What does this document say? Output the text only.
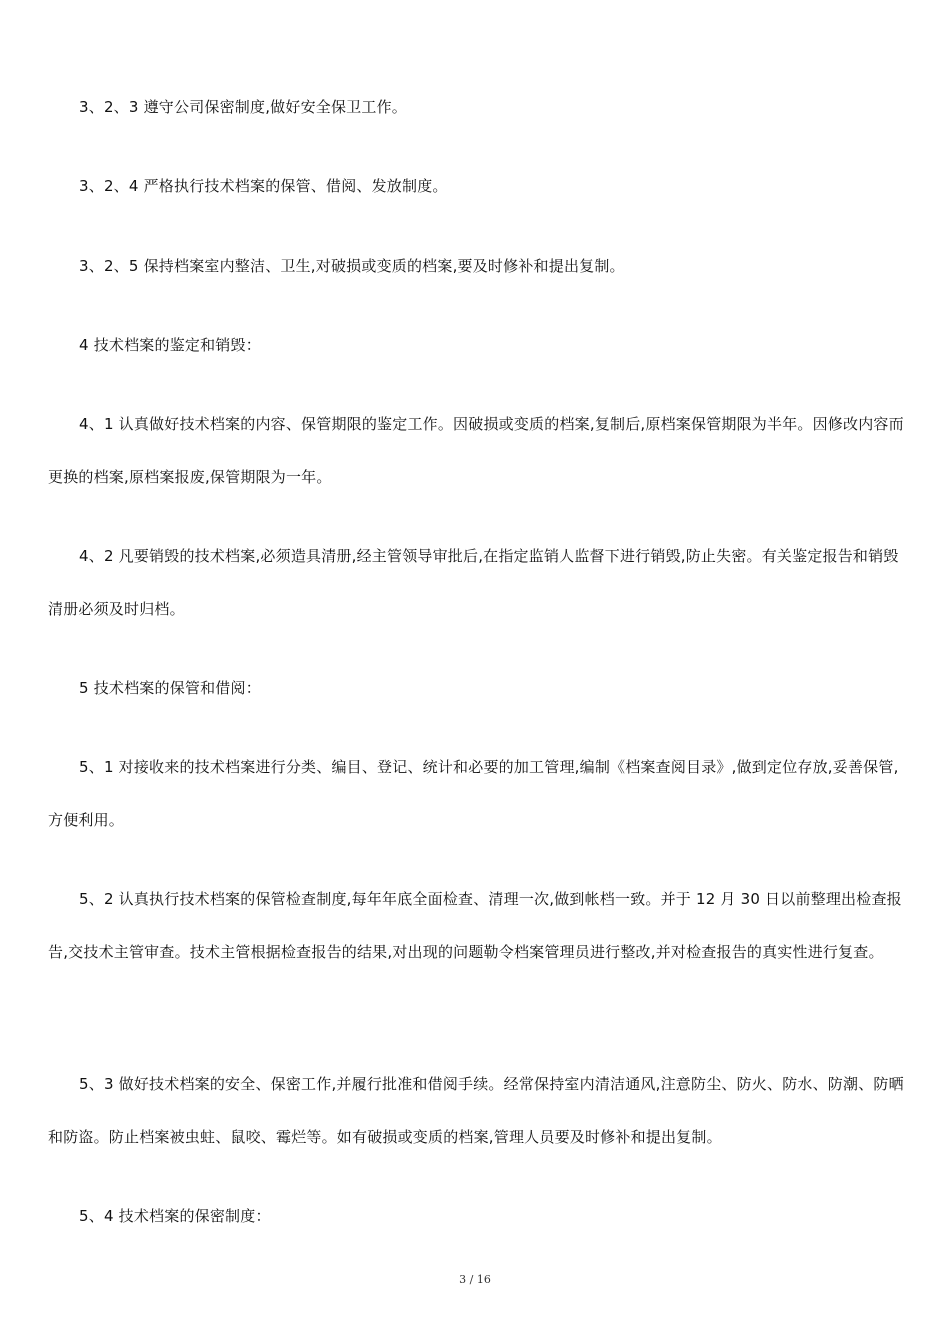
3、2、3 遵守公司保密制度,做好安全保卫工作。

3、2、4 严格执行技术档案的保管、借阅、发放制度。

3、2、5 保持档案室内整洁、卫生,对破损或变质的档案,要及时修补和提出复制。

4 技术档案的鉴定和销毁：

4、1 认真做好技术档案的内容、保管期限的鉴定工作。因破损或变质的档案,复制后,原档案保管期限为半年。因修改内容而更换的档案,原档案报废,保管期限为一年。

4、2 凡要销毁的技术档案,必须造具清册,经主管领导审批后,在指定监销人监督下进行销毁,防止失密。有关鉴定报告和销毁清册必须及时归档。

5 技术档案的保管和借阅：

5、1 对接收来的技术档案进行分类、编目、登记、统计和必要的加工管理,编制《档案查阅目录》,做到定位存放,妥善保管,方便利用。

5、2 认真执行技术档案的保管检查制度,每年年底全面检查、清理一次,做到帐档一致。并于 12 月 30 日以前整理出检查报告,交技术主管审查。技术主管根据检查报告的结果,对出现的问题勒令档案管理员进行整改,并对检查报告的真实性进行复查。

5、3 做好技术档案的安全、保密工作,并履行批准和借阅手续。经常保持室内清洁通风,注意防尘、防火、防水、防潮、防晒和防盗。防止档案被虫蛀、鼠咬、霉烂等。如有破损或变质的档案,管理人员要及时修补和提出复制。

5、4 技术档案的保密制度：

3 / 16
